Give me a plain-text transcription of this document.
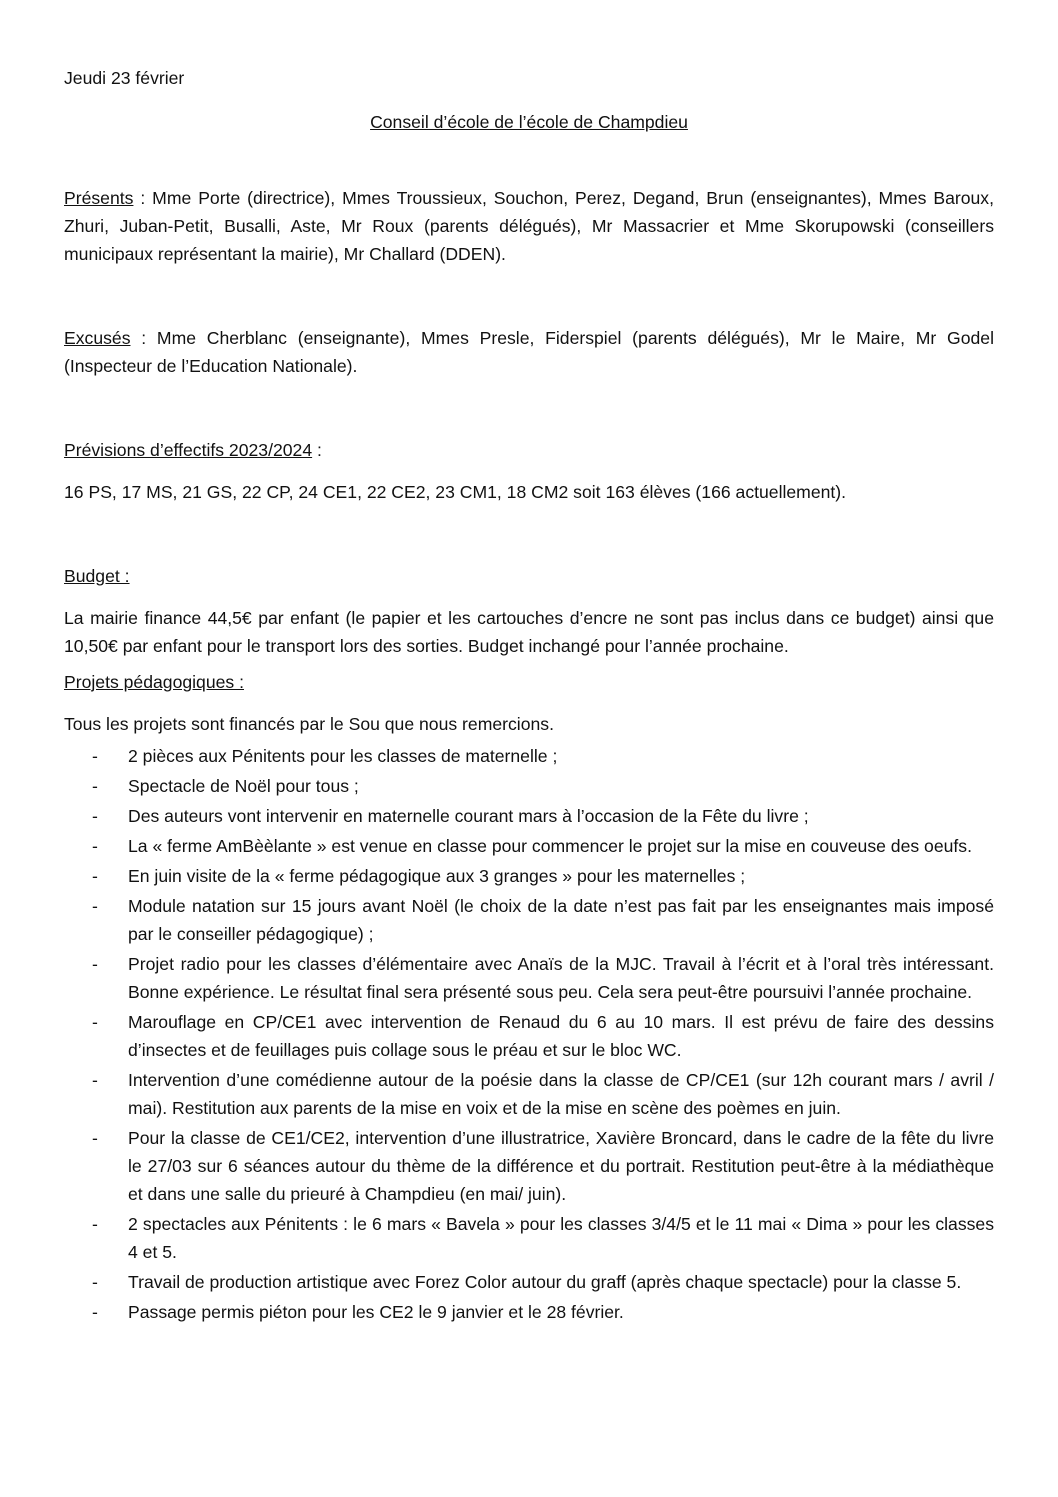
Jeudi 23 février

Conseil d’école de l’école de Champdieu

Présents : Mme Porte (directrice), Mmes Troussieux, Souchon, Perez, Degand, Brun (enseignantes), Mmes Baroux, Zhuri, Juban-Petit, Busalli, Aste, Mr Roux (parents délégués), Mr Massacrier et Mme Skorupowski (conseillers municipaux représentant la mairie), Mr Challard (DDEN).

Excusés : Mme Cherblanc (enseignante), Mmes Presle, Fiderspiel (parents délégués), Mr le Maire, Mr Godel (Inspecteur de l’Education Nationale).

Prévisions d’effectifs 2023/2024 :

16 PS, 17 MS, 21 GS, 22 CP, 24 CE1, 22 CE2, 23 CM1, 18 CM2 soit 163 élèves (166 actuellement).

Budget :

La mairie finance 44,5€ par enfant (le papier et les cartouches d’encre ne sont pas inclus dans ce budget) ainsi que 10,50€ par enfant pour le transport lors des sorties. Budget inchangé pour l’année prochaine.

Projets pédagogiques :

Tous les projets sont financés par le Sou que nous remercions.

- 2 pièces aux Pénitents pour les classes de maternelle ;
- Spectacle de Noël pour tous ;
- Des auteurs vont intervenir en maternelle courant mars à l’occasion de la Fête du livre ;
- La « ferme AmBèèlante » est venue en classe pour commencer le projet sur la mise en couveuse des oeufs.
- En juin visite de la « ferme pédagogique aux 3 granges » pour les maternelles ;
- Module natation sur 15 jours avant Noël (le choix de la date n’est pas fait par les enseignantes mais imposé par le conseiller pédagogique) ;
- Projet radio pour les classes d’élémentaire avec Anaïs de la MJC. Travail à l’écrit et à l’oral très intéressant. Bonne expérience. Le résultat final sera présenté sous peu. Cela sera peut-être poursuivi l’année prochaine.
- Marouflage en CP/CE1 avec intervention de Renaud du 6 au 10 mars. Il est prévu de faire des dessins d’insectes et de feuillages puis collage sous le préau et sur le bloc WC.
- Intervention d’une comédienne autour de la poésie dans la classe de CP/CE1 (sur 12h courant mars / avril / mai). Restitution aux parents de la mise en voix et de la mise en scène des poèmes en juin.
- Pour la classe de CE1/CE2, intervention d’une illustratrice, Xavière Broncard, dans le cadre de la fête du livre le 27/03 sur 6 séances autour du thème de la différence et du portrait. Restitution peut-être à la médiathèque et dans une salle du prieuré à Champdieu (en mai/ juin).
- 2 spectacles aux Pénitents : le 6 mars « Bavela » pour les classes 3/4/5 et le 11 mai « Dima » pour les classes 4 et 5.
- Travail de production artistique avec Forez Color autour du graff (après chaque spectacle) pour la classe 5.
- Passage permis piéton pour les CE2 le 9 janvier et le 28 février.
